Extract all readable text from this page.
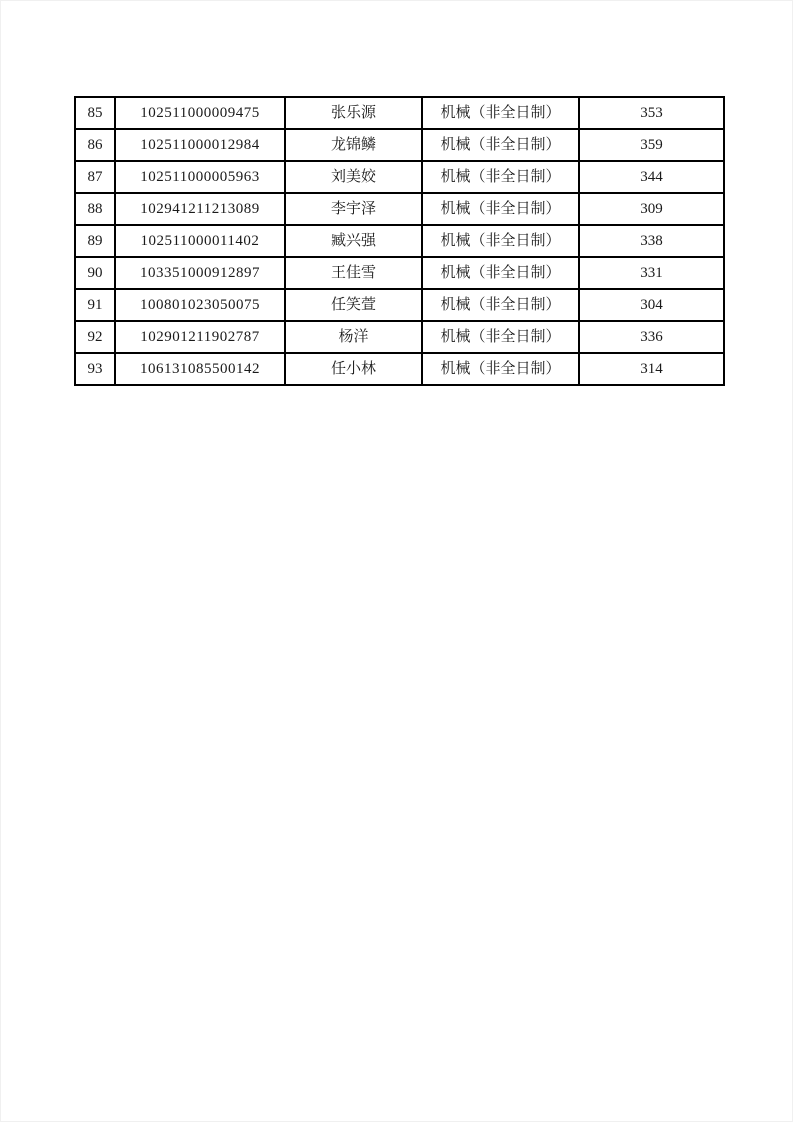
85	102511000009475	张乐源	机械（非全日制）	353
86	102511000012984	龙锦鳞	机械（非全日制）	359
87	102511000005963	刘美姣	机械（非全日制）	344
88	102941211213089	李宇泽	机械（非全日制）	309
89	102511000011402	臧兴强	机械（非全日制）	338
90	103351000912897	王佳雪	机械（非全日制）	331
91	100801023050075	任笑萱	机械（非全日制）	304
92	102901211902787	杨洋	机械（非全日制）	336
93	106131085500142	任小林	机械（非全日制）	314
